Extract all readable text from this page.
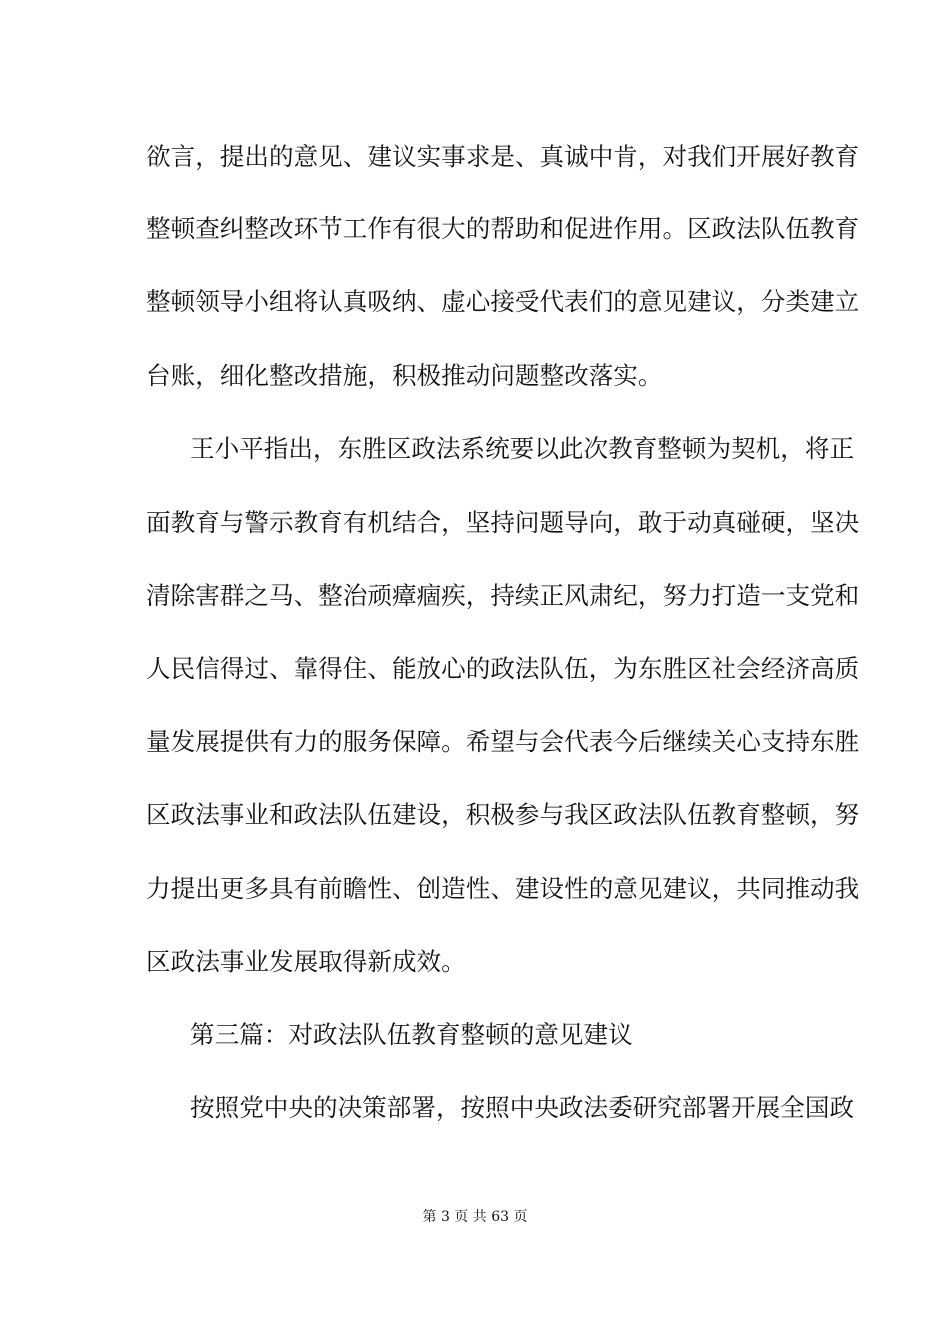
欲言，提出的意见、建议实事求是、真诚中肯，对我们开展好教育
整顿查纠整改环节工作有很大的帮助和促进作用。区政法队伍教育
整顿领导小组将认真吸纳、虚心接受代表们的意见建议，分类建立
台账，细化整改措施，积极推动问题整改落实。
王小平指出，东胜区政法系统要以此次教育整顿为契机，将正
面教育与警示教育有机结合，坚持问题导向，敢于动真碰硬，坚决
清除害群之马、整治顽瘴痼疾，持续正风肃纪，努力打造一支党和
人民信得过、靠得住、能放心的政法队伍，为东胜区社会经济高质
量发展提供有力的服务保障。希望与会代表今后继续关心支持东胜
区政法事业和政法队伍建设，积极参与我区政法队伍教育整顿，努
力提出更多具有前瞻性、创造性、建设性的意见建议，共同推动我
区政法事业发展取得新成效。
第三篇：对政法队伍教育整顿的意见建议
按照党中央的决策部署，按照中央政法委研究部署开展全国政
第 3 页 共 63 页
